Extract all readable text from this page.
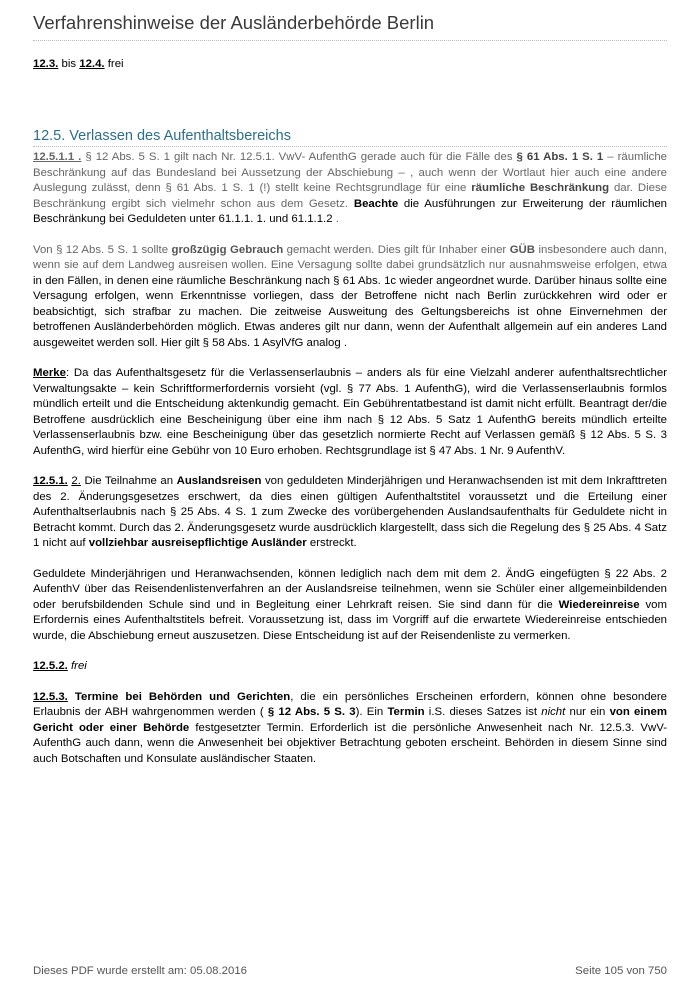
Verfahrenshinweise der Ausländerbehörde Berlin

12.3. bis 12.4. frei

12.5. Verlassen des Aufenthaltsbereichs

12.5.1.1 . § 12 Abs. 5 S. 1 gilt nach Nr. 12.5.1. VwV- AufenthG gerade auch für die Fälle des § 61 Abs. 1 S. 1 – räumliche Beschränkung auf das Bundesland bei Aussetzung der Abschiebung – , auch wenn der Wortlaut hier auch eine andere Auslegung zulässt, denn § 61 Abs. 1 S. 1 (!) stellt keine Rechtsgrundlage für eine räumliche Beschränkung dar. Diese Beschränkung ergibt sich vielmehr schon aus dem Gesetz. Beachte die Ausführungen zur Erweiterung der räumlichen Beschränkung bei Geduldeten unter 61.1.1. 1. und 61.1.1.2 .

Von § 12 Abs. 5 S. 1 sollte großzügig Gebrauch gemacht werden. Dies gilt für Inhaber einer GÜB insbesondere auch dann, wenn sie auf dem Landweg ausreisen wollen. Eine Versagung sollte dabei grundsätzlich nur ausnahmsweise erfolgen, etwa in den Fällen, in denen eine räumliche Beschränkung nach § 61 Abs. 1c wieder angeordnet wurde. Darüber hinaus sollte eine Versagung erfolgen, wenn Erkenntnisse vorliegen, dass der Betroffene nicht nach Berlin zurückkehren wird oder er beabsichtigt, sich strafbar zu machen. Die zeitweise Ausweitung des Geltungsbereichs ist ohne Einvernehmen der betroffenen Ausländerbehörden möglich. Etwas anderes gilt nur dann, wenn der Aufenthalt allgemein auf ein anderes Land ausgeweitet werden soll. Hier gilt § 58 Abs. 1 AsylVfG analog .

Merke: Da das Aufenthaltsgesetz für die Verlassenserlaubnis – anders als für eine Vielzahl anderer aufenthaltsrechtlicher Verwaltungsakte – kein Schriftformerfordernis vorsieht (vgl. § 77 Abs. 1 AufenthG), wird die Verlassenserlaubnis formlos mündlich erteilt und die Entscheidung aktenkundig gemacht. Ein Gebührentatbestand ist damit nicht erfüllt. Beantragt der/die Betroffene ausdrücklich eine Bescheinigung über eine ihm nach § 12 Abs. 5 Satz 1 AufenthG bereits mündlich erteilte Verlassenserlaubnis bzw. eine Bescheinigung über das gesetzlich normierte Recht auf Verlassen gemäß § 12 Abs. 5 S. 3 AufenthG, wird hierfür eine Gebühr von 10 Euro erhoben. Rechtsgrundlage ist § 47 Abs. 1 Nr. 9 AufenthV.

12.5.1. 2. Die Teilnahme an Auslandsreisen von geduldeten Minderjährigen und Heranwachsenden ist mit dem Inkrafttreten des 2. Änderungsgesetzes erschwert, da dies einen gültigen Aufenthaltstitel voraussetzt und die Erteilung einer Aufenthaltserlaubnis nach § 25 Abs. 4 S. 1 zum Zwecke des vorübergehenden Auslandsaufenthalts für Geduldete nicht in Betracht kommt. Durch das 2. Änderungsgesetz wurde ausdrücklich klargestellt, dass sich die Regelung des § 25 Abs. 4 Satz 1 nicht auf vollziehbar ausreisepflichtige Ausländer erstreckt.

Geduldete Minderjährigen und Heranwachsenden, können lediglich nach dem mit dem 2. ÄndG eingefügten § 22 Abs. 2 AufenthV über das Reisendenlistenverfahren an der Auslandsreise teilnehmen, wenn sie Schüler einer allgemeinbildenden oder berufsbildenden Schule sind und in Begleitung einer Lehrkraft reisen. Sie sind dann für die Wiedereinreise vom Erfordernis eines Aufenthaltstitels befreit. Voraussetzung ist, dass im Vorgriff auf die erwartete Wiedereinreise entschieden wurde, die Abschiebung erneut auszusetzen. Diese Entscheidung ist auf der Reisendenliste zu vermerken.

12.5.2. frei

12.5.3. Termine bei Behörden und Gerichten, die ein persönliches Erscheinen erfordern, können ohne besondere Erlaubnis der ABH wahrgenommen werden ( § 12 Abs. 5 S. 3). Ein Termin i.S. dieses Satzes ist nicht nur ein von einem Gericht oder einer Behörde festgesetzter Termin. Erforderlich ist die persönliche Anwesenheit nach Nr. 12.5.3. VwV-AufenthG auch dann, wenn die Anwesenheit bei objektiver Betrachtung geboten erscheint. Behörden in diesem Sinne sind auch Botschaften und Konsulate ausländischer Staaten.

Dieses PDF wurde erstellt am: 05.08.2016	Seite 105 von 750
